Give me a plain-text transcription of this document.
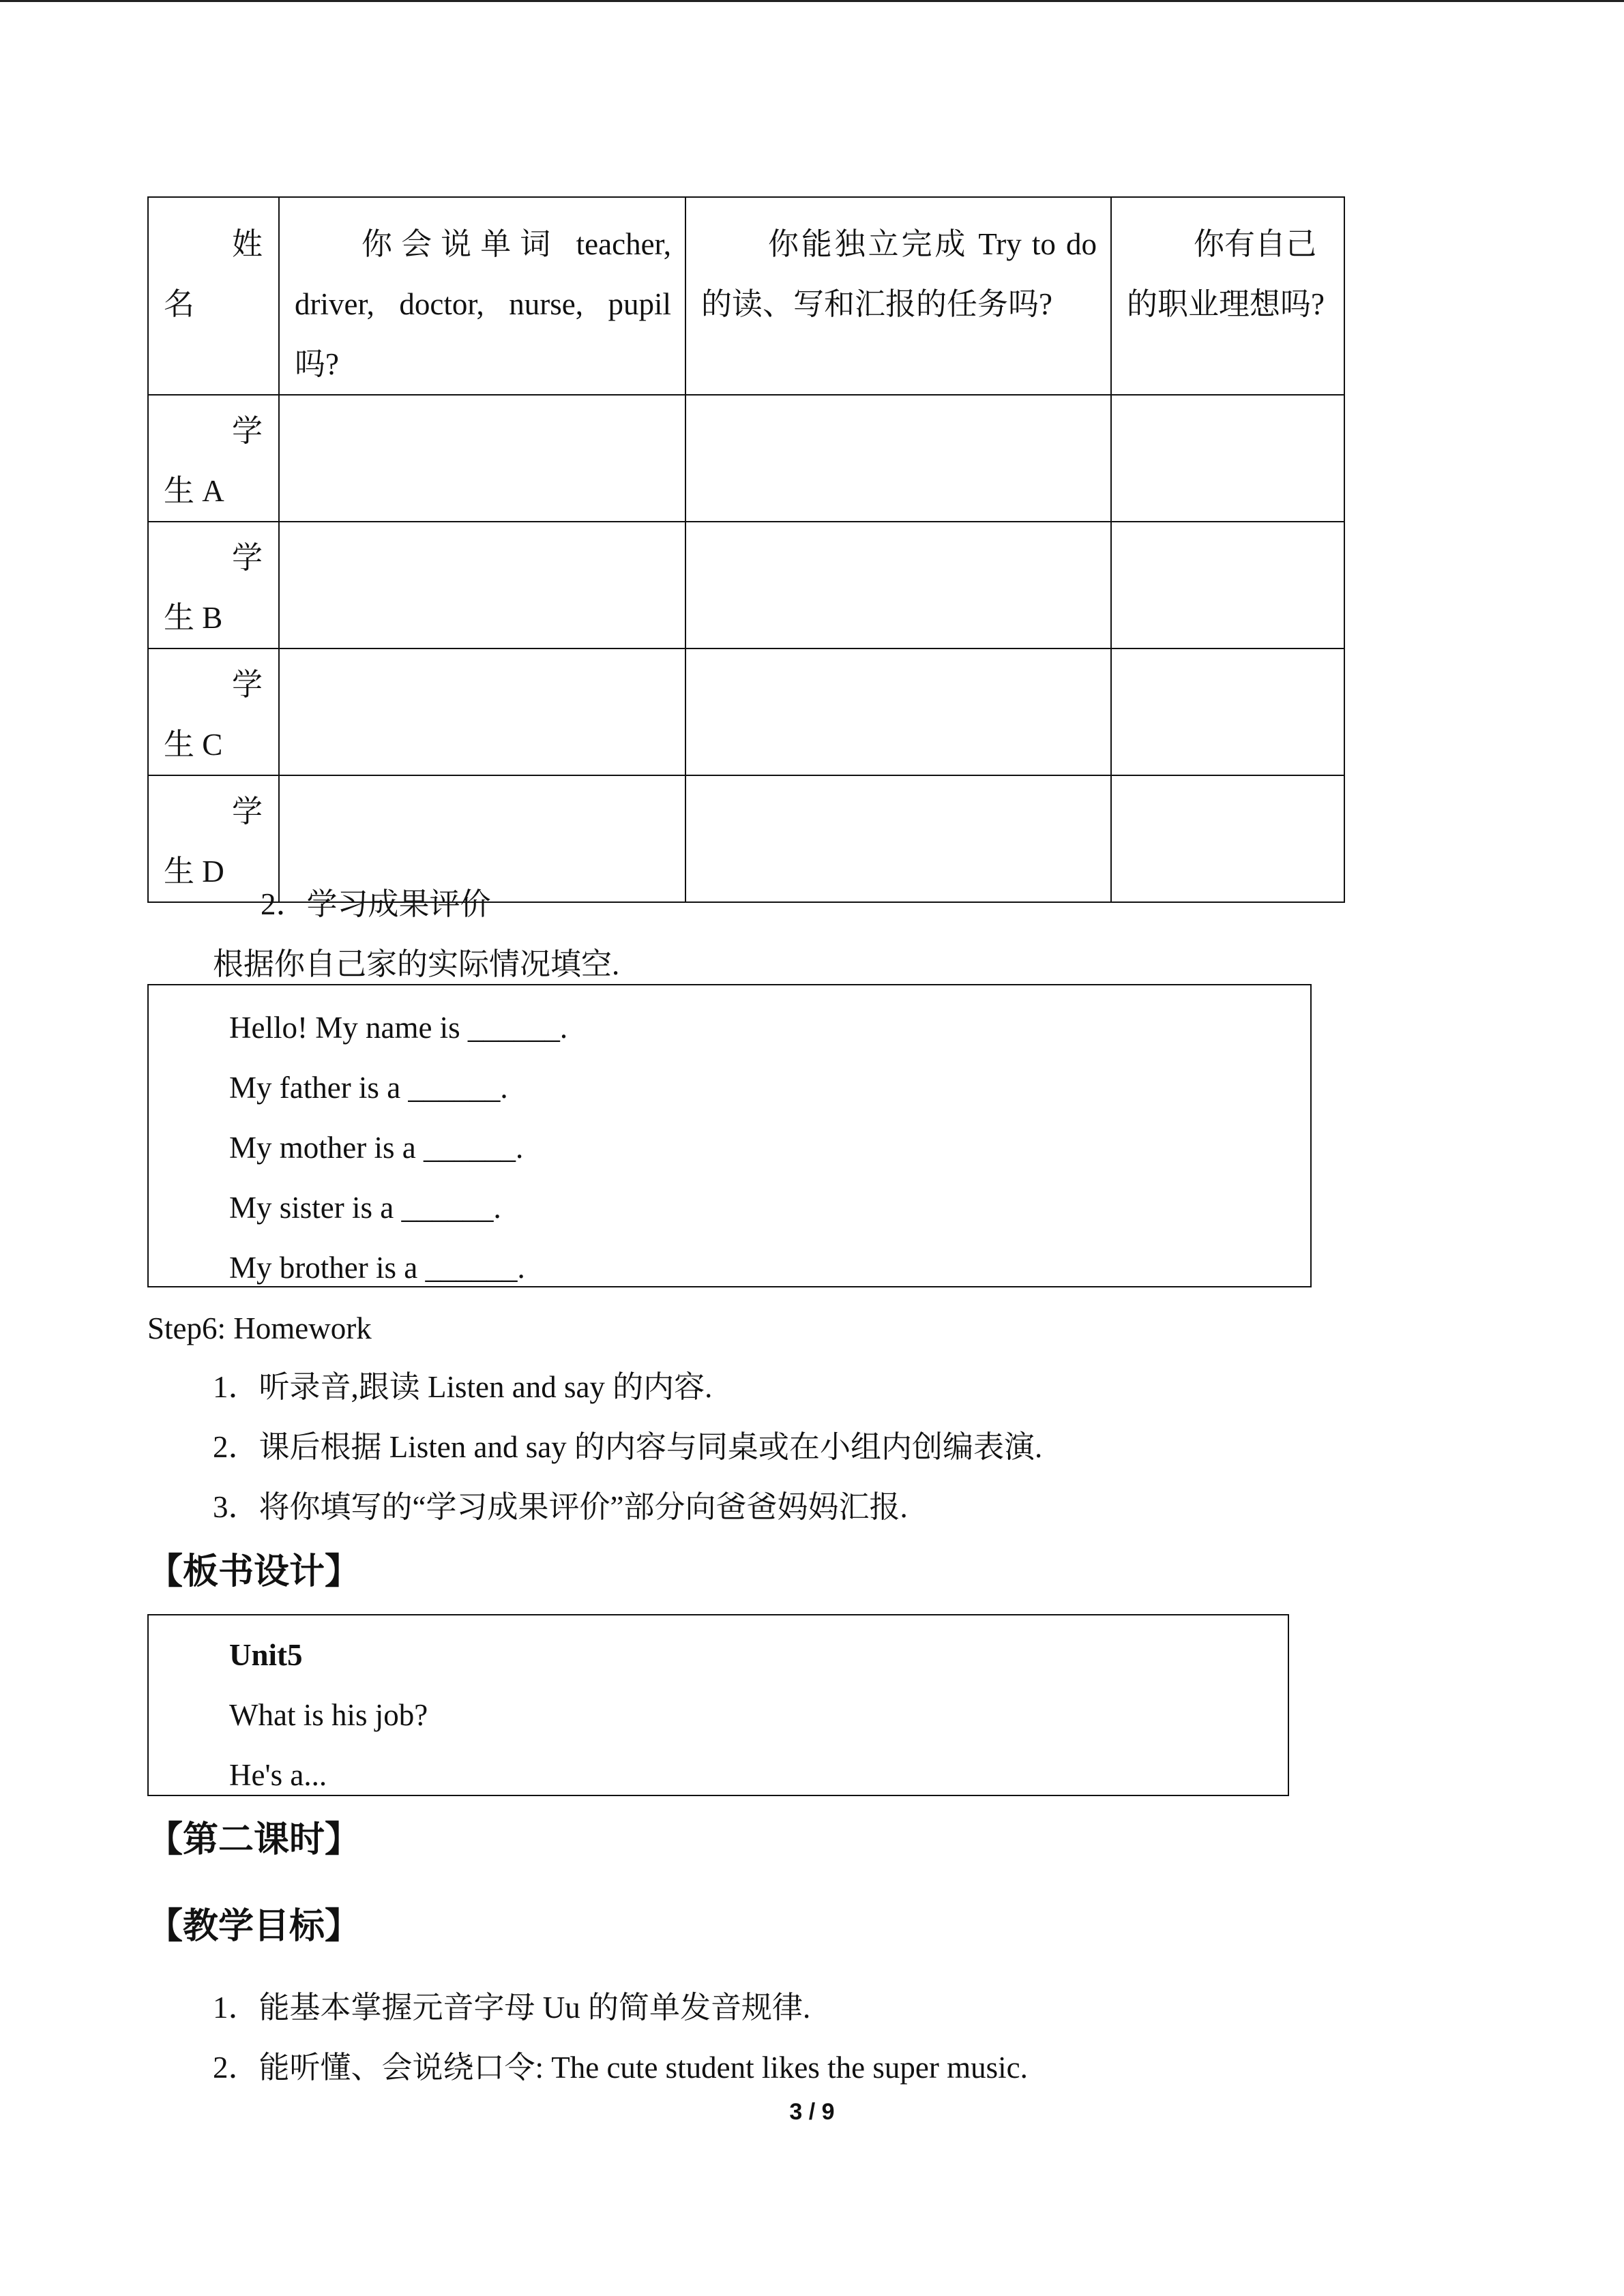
姓名	你会说单词 teacher, driver, doctor, nurse, pupil 吗?	你能独立完成 Try to do 的读、写和汇报的任务吗?	你有自己的职业理想吗?
学生 A			
学生 B			
学生 C			
学生 D			
2．学习成果评价
根据你自己家的实际情况填空.
Hello! My name is ______.
My father is a ______.
My mother is a ______.
My sister is a ______.
My brother is a ______.
Step6: Homework
1．听录音,跟读 Listen and say 的内容.
2．课后根据 Listen and say 的内容与同桌或在小组内创编表演.
3．将你填写的“学习成果评价”部分向爸爸妈妈汇报.
【板书设计】
Unit5
What is his job?
He's a...
【第二课时】
【教学目标】
1．能基本掌握元音字母 Uu 的简单发音规律.
2．能听懂、会说绕口令: The cute student likes the super music.
3 / 9
